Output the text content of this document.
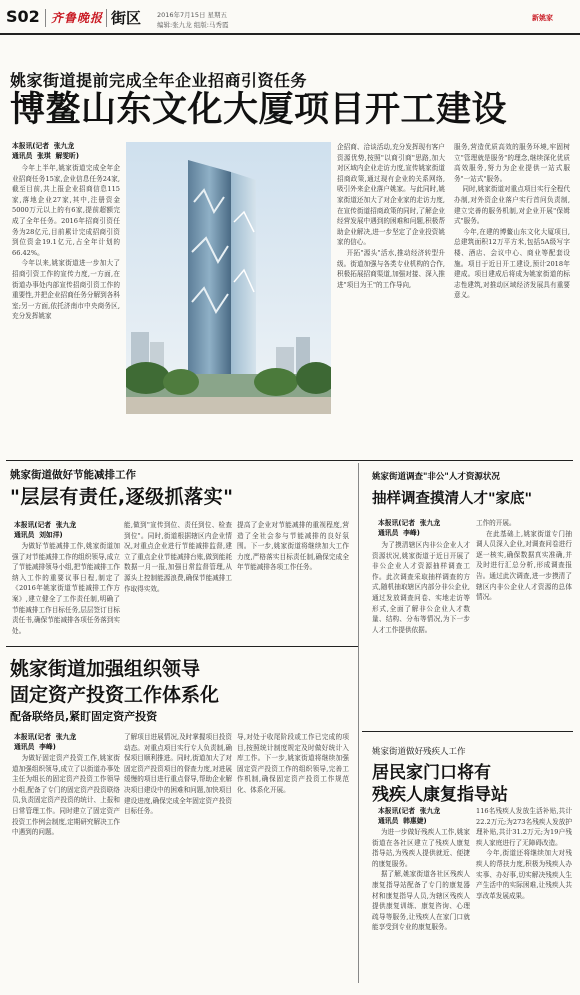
S02 齐鲁晚报 街区 2016年7月15日 星期五
编辑:张九龙 组版:马秀霞
新姚家
姚家街道提前完成全年企业招商引资任务
博鳌山东文化大厦项目开工建设
本报讯(记者  张九龙
通讯员  张琪  解雯昕)
今年上半年,姚家街道完成全年企业招商任务15家,企业信息任务24家,截至目前,共上报企业招商信息115家,落地企业27家,其中,注册资金5000万元以上的有6家,提前超额完成了全年任务。2016年招商引资任务为28亿元,目前累计完成招商引资到位资金19.1亿元,占全年计划的66.42%。
今年以来,姚家街道进一步加大了招商引资工作的宣传力度,一方面,在街道办事处内部宣传招商引资工作的重要性,并把企业招商任务分解到各科室;另一方面,依托济南市中央商务区,充分发挥姚家
企招商、洽谈活动,充分发挥现有客户资源优势,按照"以商引商"思路,加大对区域内企业走访力度,宣传姚家街道招商政策,通过现有企业的关系网络,吸引外来企业落户姚家。与此同时,姚家街道还加大了对企业家的走访力度,在宣传街道招商政策的同时,了解企业经营发展中遇到的困难和问题,积极帮助企业解决,进一步坚定了企业投资姚家的信心。
开拓"源头"活水,推动经济转型升级。街道加强与各类专业机构的合作,积极拓展招商渠道,加强对接、深入推进"项目为王"的工作导向,
服务,营造优质高效的服务环境,牢固树立"管理就是服务"的理念,继续深化优质高效服务,努力为企业提供一站式服务"一站式"服务。
同时,姚家街道对重点项目实行全程代办制,对外资企业落户实行首问负责制,建立完善的服务机制,对企业开展"保姆式"服务。
今年,在建的博鳌山东文化大厦项目,总建筑面积12万平方米,包括5A级写字楼、酒店、会议中心、商业等配套设施。项目于近日开工建设,预计2018年建成。项目建成后将成为姚家街道的标志性建筑,对推动区域经济发展具有重要意义。
姚家街道做好节能减排工作
"层层有责任,逐级抓落实"
本报讯(记者  张九龙
通讯员  刘如洋)
为做好节能减排工作,姚家街道加强了对节能减排工作的组织领导,成立了节能减排领导小组,把节能减排工作纳入工作的重要议事日程,制定了《2016年姚家街道节能减排工作方案》,建立健全了工作责任制,明确了节能减排工作目标任务,层层签订目标责任书,确保节能减排各项任务落到实处。
能,做到"宣传到位、责任到位、检查到位"。同时,街道根据辖区内企业情况,对重点企业进行节能减排监督,建立了重点企业节能减排台账,做到能耗数据一月一报,加强日常监督管理,从源头上控制能源浪费,确保节能减排工作取得实效。
提高了企业对节能减排的重视程度,营造了全社会参与节能减排的良好氛围。下一步,姚家街道将继续加大工作力度,严格落实目标责任制,确保完成全年节能减排各项工作任务。
姚家街道调查"非公"人才资源状况
抽样调查摸清人才"家底"
本报讯(记者  张九龙
通讯员  李峰)
为了摸清辖区内非公企业人才资源状况,姚家街道于近日开展了非公企业人才资源抽样调查工作。此次调查采取抽样调查的方式,随机抽取辖区内部分非公企业,通过发放调查问卷、实地走访等形式,全面了解非公企业人才数量、结构、分布等情况,为下一步人才工作提供依据。
工作的开展。
在此基础上,姚家街道专门抽调人员深入企业,对调查问卷进行逐一核实,确保数据真实准确,并及时进行汇总分析,形成调查报告。通过此次调查,进一步摸清了辖区内非公企业人才资源的总体情况。
姚家街道加强组织领导
固定资产投资工作体系化
配备联络员,紧盯固定资产投资
本报讯(记者  张九龙
通讯员  李峰)
为做好固定资产投资工作,姚家街道加强组织领导,成立了以街道办事处主任为组长的固定资产投资工作领导小组,配备了专门的固定资产投资联络员,负责固定资产投资的统计、上报和日常管理工作。同时建立了固定资产投资工作例会制度,定期研究解决工作中遇到的问题。
了解项目进展情况,及时掌握项目投资动态。对重点项目实行专人负责制,确保项目顺利推进。同时,街道加大了对固定资产投资项目的督查力度,对进展缓慢的项目进行重点督导,帮助企业解决项目建设中的困难和问题,加快项目建设进度,确保完成全年固定资产投资目标任务。
导,对处于收尾阶段或工作已完成的项目,按照统计制度规定及时做好统计入库工作。下一步,姚家街道将继续加强固定资产投资工作的组织领导,完善工作机制,确保固定资产投资工作规范化、体系化开展。
姚家街道做好残疾人工作
居民家门口将有
残疾人康复指导站
本报讯(记者  张九龙
通讯员  韩惠婕)
为进一步做好残疾人工作,姚家街道在各社区建立了残疾人康复指导站,为残疾人提供就近、便捷的康复服务。
据了解,姚家街道各社区残疾人康复指导站配备了专门的康复器材和康复指导人员,为辖区残疾人提供康复训练、康复咨询、心理疏导等服务,让残疾人在家门口就能享受到专业的康复服务。
116名残疾人发放生活补贴,共计22.2万元;为273名残疾人发放护理补贴,共计31.2万元;为19户残疾人家庭进行了无障碍改造。
今年,街道还将继续加大对残疾人的帮扶力度,积极为残疾人办实事、办好事,切实解决残疾人生产生活中的实际困难,让残疾人共享改革发展成果。
